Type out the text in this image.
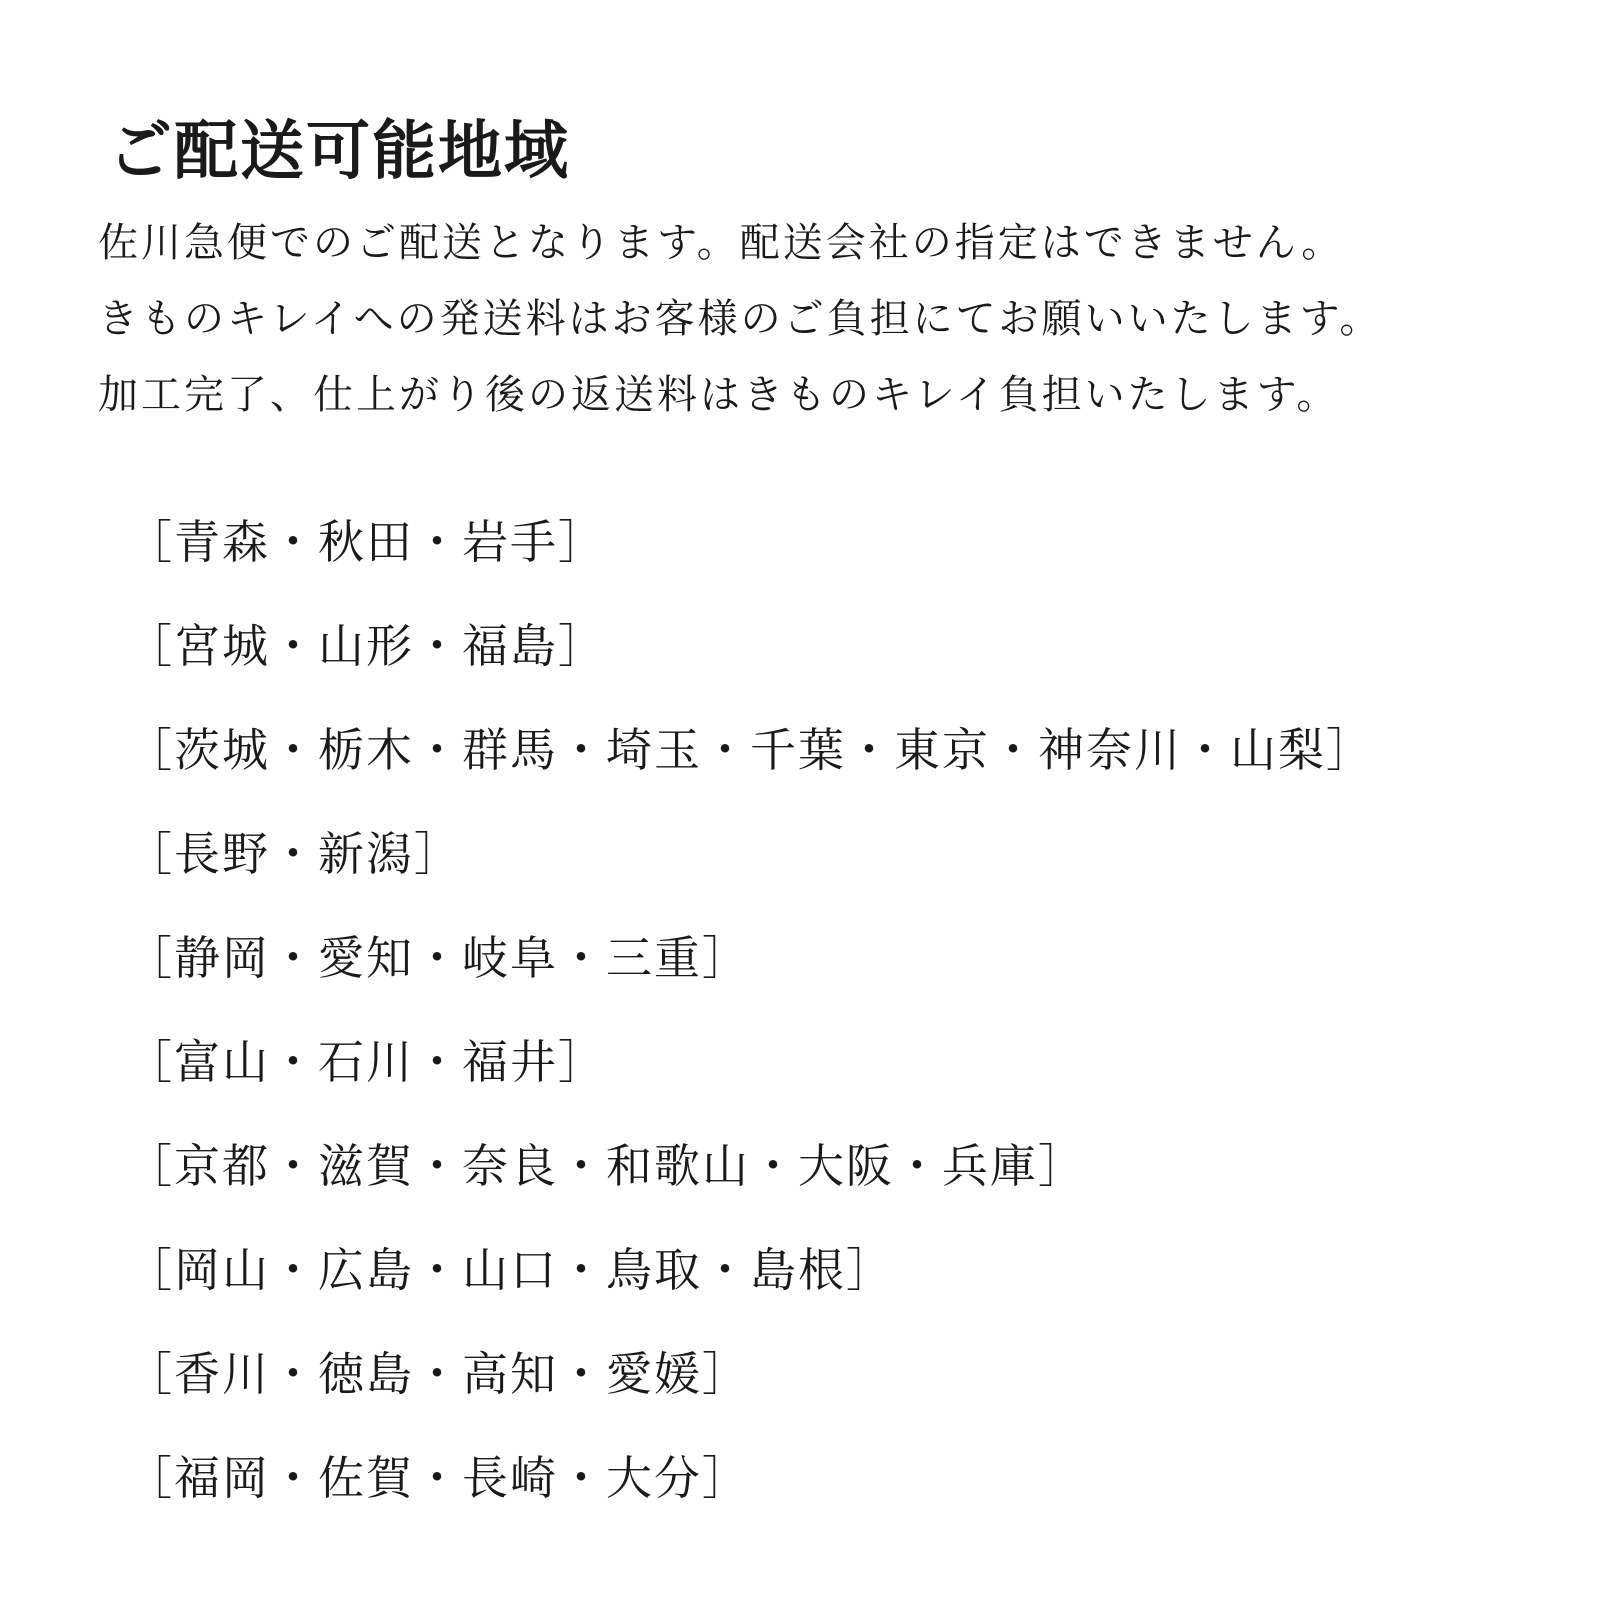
ご配送可能地域
佐川急便でのご配送となります。配送会社の指定はできません。
きものキレイへの発送料はお客様のご負担にてお願いいたします。
加工完了、仕上がり後の返送料はきものキレイ負担いたします。
［青森・秋田・岩手］
［宮城・山形・福島］
［茨城・栃木・群馬・埼玉・千葉・東京・神奈川・山梨］
［長野・新潟］
［静岡・愛知・岐阜・三重］
［富山・石川・福井］
［京都・滋賀・奈良・和歌山・大阪・兵庫］
［岡山・広島・山口・鳥取・島根］
［香川・徳島・高知・愛媛］
［福岡・佐賀・長崎・大分］
